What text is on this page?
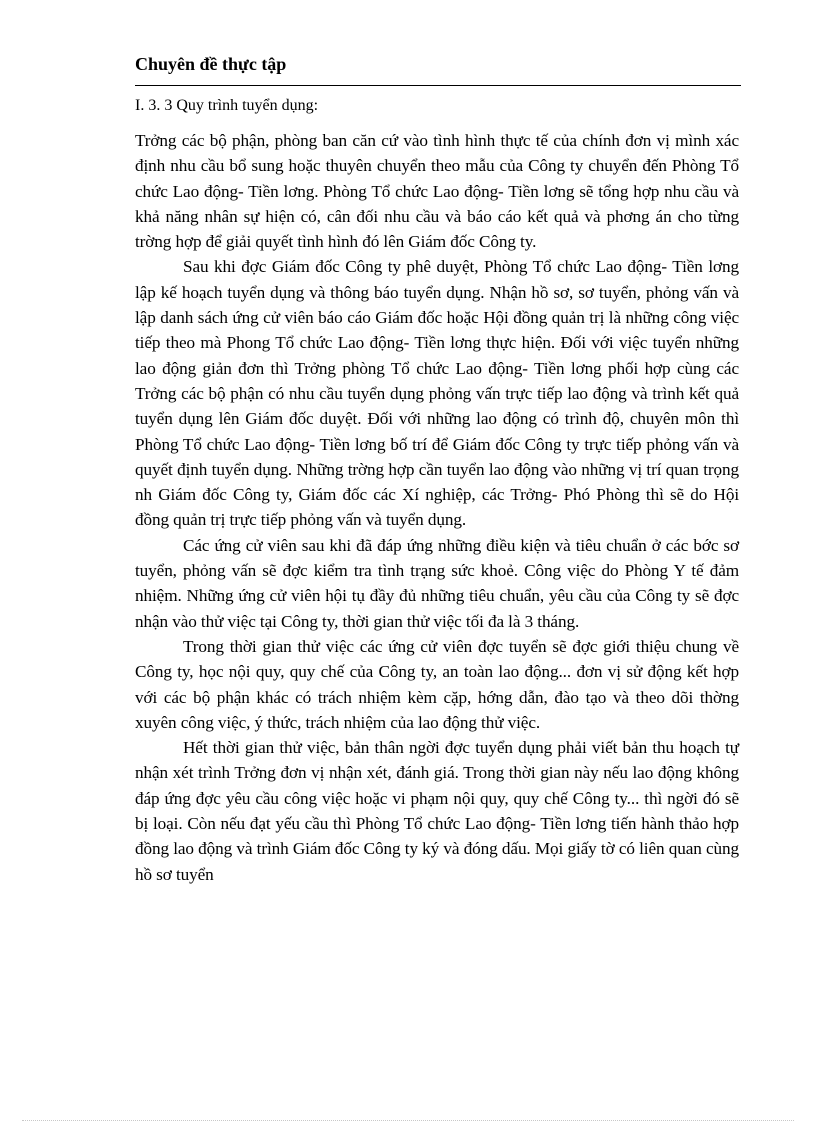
Chuyên đề thực tập
I. 3. 3 Quy trình tuyển dụng:

Trởng các bộ phận, phòng ban căn cứ vào tình hình thực tế của chính đơn vị mình xác định nhu cầu bổ sung hoặc thuyên chuyển theo mẫu của Công ty chuyển đến Phòng Tổ chức Lao động- Tiền lơng. Phòng Tổ chức Lao động- Tiền lơng sẽ tổng hợp nhu cầu và khả năng nhân sự hiện có, cân đối nhu cầu và báo cáo kết quả và phơng án cho từng trờng hợp để giải quyết tình hình đó lên Giám đốc Công ty.

Sau khi đợc Giám đốc Công ty phê duyệt, Phòng Tổ chức Lao động- Tiền lơng lập kế hoạch tuyển dụng và thông báo tuyển dụng. Nhận hồ sơ, sơ tuyển, phỏng vấn và lập danh sách ứng cử viên báo cáo Giám đốc hoặc Hội đồng quản trị là những công việc tiếp theo mà Phong Tổ chức Lao động- Tiền lơng thực hiện. Đối với việc tuyển những lao động giản đơn thì Trởng phòng Tổ chức Lao động- Tiền lơng phối hợp cùng các Trởng các bộ phận có nhu cầu tuyển dụng phỏng vấn trực tiếp lao động và trình kết quả tuyển dụng lên Giám đốc duyệt. Đối với những lao động có trình độ, chuyên môn thì Phòng Tổ chức Lao động- Tiền lơng bố trí để Giám đốc Công ty trực tiếp phỏng vấn và quyết định tuyển dụng. Những trờng hợp cần tuyển lao động vào những vị trí quan trọng nh Giám đốc Công ty, Giám đốc các Xí nghiệp, các Trởng- Phó Phòng thì sẽ do Hội đồng quản trị trực tiếp phỏng vấn và tuyển dụng.

Các ứng cử viên sau khi đã đáp ứng những điều kiện và tiêu chuẩn ở các bớc sơ tuyển, phỏng vấn sẽ đợc kiểm tra tình trạng sức khoẻ. Công việc do Phòng Y tế đảm nhiệm. Những ứng cử viên hội tụ đầy đủ những tiêu chuẩn, yêu cầu của Công ty sẽ đợc nhận vào thử việc tại Công ty, thời gian thử việc tối đa là 3 tháng.

Trong thời gian thử việc các ứng cử viên đợc tuyển sẽ đợc giới thiệu chung về Công ty, học nội quy, quy chế của Công ty, an toàn lao động... đơn vị sử động kết hợp với các bộ phận khác có trách nhiệm kèm cặp, hớng dẫn, đào tạo và theo dõi thờng xuyên công việc, ý thức, trách nhiệm của lao động thử việc.

Hết thời gian thử việc, bản thân ngời đợc tuyển dụng phải viết bản thu hoạch tự nhận xét trình Trởng đơn vị nhận xét, đánh giá. Trong thời gian này nếu lao động không đáp ứng đợc yêu cầu công việc hoặc vi phạm nội quy, quy chế Công ty... thì ngời đó sẽ bị loại. Còn nếu đạt yếu cầu thì Phòng Tổ chức Lao động- Tiền lơng tiến hành thảo hợp đồng lao động và trình Giám đốc Công ty ký và đóng dấu. Mọi giấy tờ có liên quan cùng hồ sơ tuyển
